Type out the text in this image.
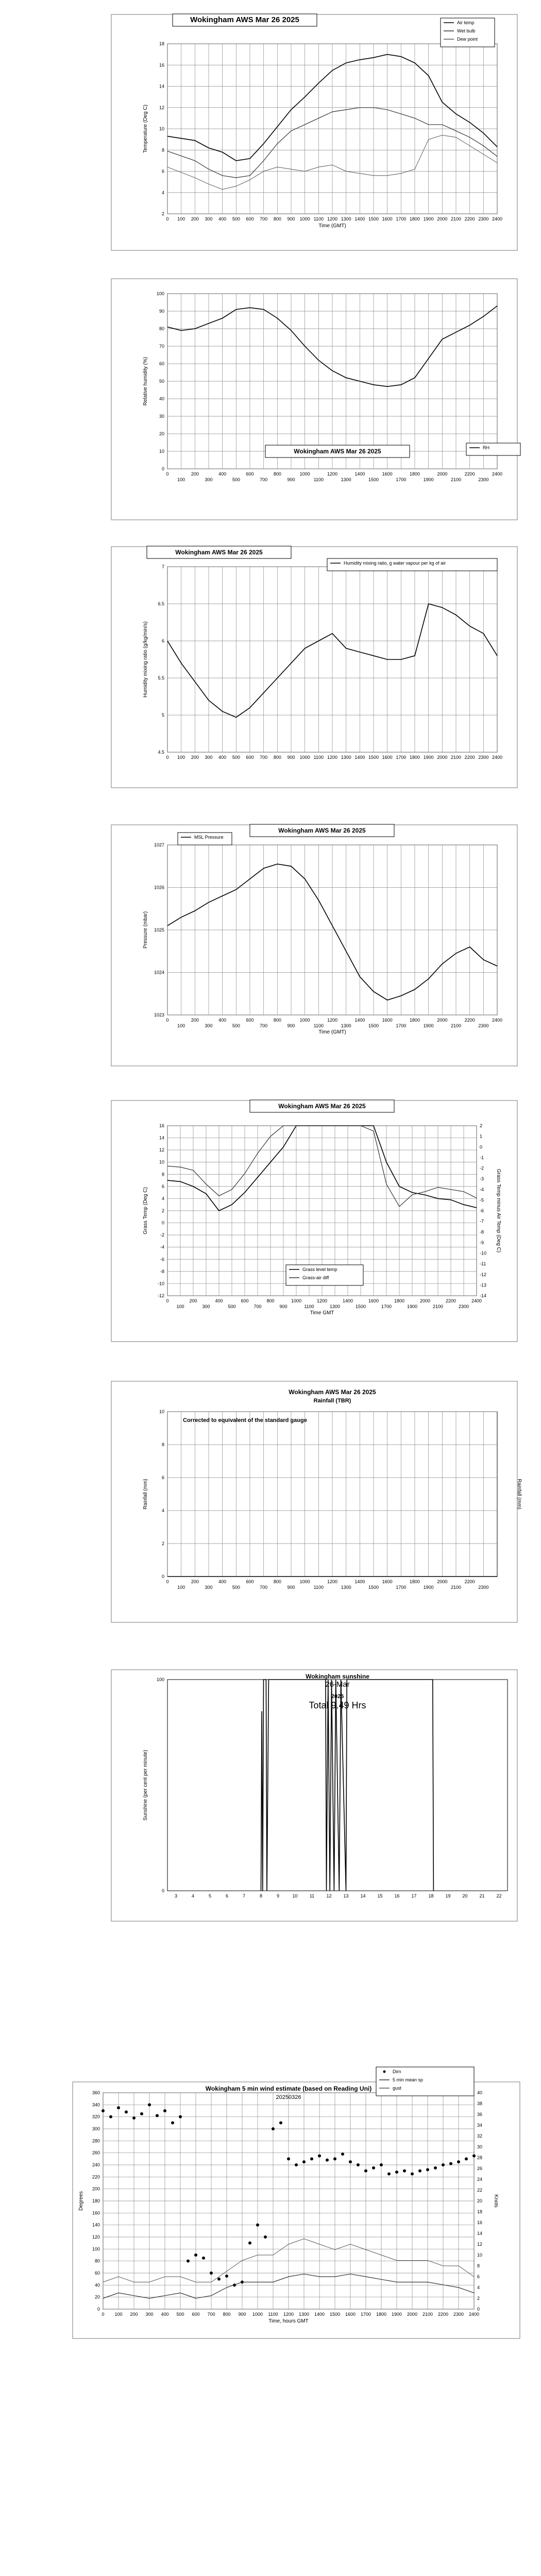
2
4
6
8
10
12
14
16
18
0 100 200 300 400 500 600 700 800 900 1000 1100 1200 1300 1400 1500 1600 1700 1800 1900 2000 2100 2200 2300 2400
Temperature (Deg C)
Time (GMT)
Wokingham AWS Mar 26 2025	Air temp
Wet bulb
Dew point
0
10
20
30
40
50
60
70
80
90
100
0	200	400	600	800	1000	1200	1400	1600	1800	2000	2200	2400
100	300	500	700	900	1100	1300	1500	1700	1900	2100	2300
Relative humidity (%)
Wokingham AWS Mar 26 2025	RH
4.5
5
5.5
6
6.5
7
0 100 200 300 400 500 600 700 800 900 1000 1100 1200 1300 1400 1500 1600 1700 1800 1900 2000 2100 2200 2300 2400
Humidity mixing ratio (g/kg/min/s)
Wokingham AWS Mar 26 2025
Humidity mixing ratio, g water vapour per kg of air
1023
1024
1025
1026
1027
0	200	400	600	800	1000	1200	1400	1600	1800	2000	2200	2400
100	300	500	700	900	1100	1300	1500	1700	1900	2100	2300
Pressure (mbar)
Time (GMT)
Wokingham AWS Mar 26 2025
MSL Pressure
-12
-10
-8
-6
-4
-2
0
2
4
6
8
10
12
14
16
-14
-13
-12
-11
-10
-9
-8
-7
-6
-5
-4
-3
-2
-1
0
1
2
0	200	400	600	800	1000	1200	1400	1600	1800	2000	2200	2400
100	300	500	700	900	1100	1300	1500	1700	1900	2100	2300
Grass Temp (Deg C)	Grass Temp minus Air Temp (Deg C)
Time GMT
Wokingham AWS Mar 26 2025
Grass level temp
Grass-air diff
0
2
4
6
8
10
0	200	400	600	800	1000	1200	1400	1600	1800	2000	2200
100	300	500	700	900	1100	1300	1500	1700	1900	2100	2300
Rainfall (mm)	Rainfall (mm)
Wokingham AWS Mar 26 2025
Rainfall (TBR)
Corrected to equivalent of the standard gauge
0
100
3	4	5	6	7	8	9	10	11	12	13	14	15	16	17	18	19	20	21	22
Sunshine (per cent per minute)
Wokingham sunshine
26-Mar
2025
Total 9.49 Hrs
0
20
40
60
80
100
120
140
160
180
200
220
240
260
280
300
320
340
360
0
2
4
6
8
10
12
14
16
18
20
22
24
26
28
30
32
34
36
38
40
0 100 200 300 400 500 600 700 800 900 1000 1100 1200 1300 1400 1500 1600 1700 1800 1900 2000 2100 2200 2300 2400
Degrees	Knots
Time, hours GMT
Wokingham 5 min wind estimate (based on Reading Uni)
20250326
Dirn
5 min mean sp
gust
